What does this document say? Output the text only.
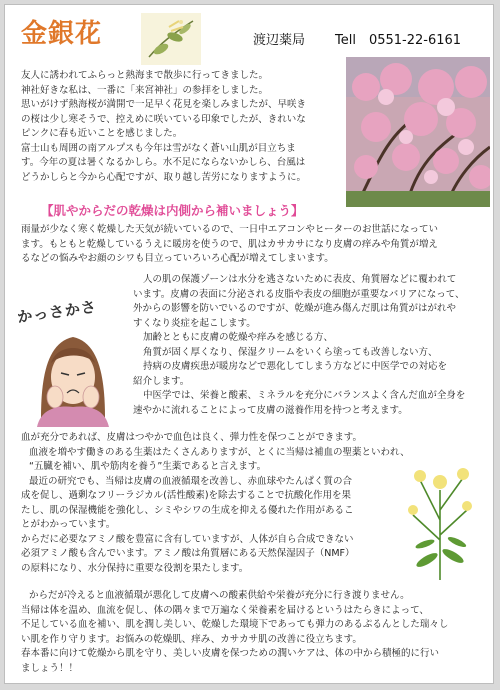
金銀花	渡辺薬局 Tell　0551-22-6161

友人に誘われてふらっと熱海まで散歩に行ってきました。

神社好きな私は、一番に「来宮神社」の参拝をしました。

思いがけず熱海桜が満開で一足早く花見を楽しみましたが、早咲き

の桜は少し寒そうで、控えめに咲いている印象でしたが、きれいな

ピンクに春も近いことを感じました。

富士山も周囲の南アルプスも今年は雪がなく蒼い山肌が目立ちま

す。今年の夏は暑くなるかしら。水不足にならないかしら、台風は

どうかしらと今から心配ですが、取り越し苦労になりますように。

【肌やからだの乾燥は内側から補いましょう】

雨量が少なく寒く乾燥した天気が続いているので、一日中エアコンやヒーターのお世話になってい

ます。もともと乾燥しているうえに暖房を使うので、肌はカサカサになり皮膚の痒みや角質が増え

るなどの悩みやお顔のシワも目立っていろいろ心配が増えてしまいます。

かっさかさ

人の肌の保護ゾーンは水分を逃さないために表皮、角質層などに覆われて

います。皮膚の表面に分泌される皮脂や表皮の細胞が重要なバリアになって、

外からの影響を防いでいるのですが、乾燥が進み傷んだ肌は角質がはがれや

すくなり炎症を起こします。

加齢とともに皮膚の乾燥や痒みを感じる方、

角質が固く厚くなり、保湿クリームをいくら塗っても改善しない方、

持病の皮膚疾患が暖房などで悪化してしまう方などに中医学での対応を

紹介します。

中医学では、栄養と酸素、ミネラルを充分にバランスよく含んだ血が全身を

速やかに流れることによって皮膚の滋養作用を持つと考えます。

血が充分であれば、皮膚はつやかで血色は良く、弾力性を保つことができます。

血液を増やす働きのある生薬はたくさんありますが、とくに当帰は補血の聖薬といわれ、

“五臓を補い、肌や筋肉を養う”生薬であると言えます。

最近の研究でも、当帰は皮膚の血液循環を改善し、赤血球やたんぱく質の合

成を促し、過剰なフリーラジカル(活性酸素)を除去することで抗酸化作用を果

たし、肌の保湿機能を強化し、シミやシワの生成を抑える優れた作用があるこ

とがわかっています。

からだに必要なアミノ酸を豊富に含有していますが、人体が自ら合成できない

必須アミノ酸も含んでいます。アミノ酸は角質層にある天然保湿因子（NMF）

の原料になり、水分保持に重要な役割を果たします。

からだが冷えると血液循環が悪化して皮膚への酸素供給や栄養が充分に行き渡りません。

当帰は体を温め、血流を促し、体の隅々まで万遍なく栄養素を届けるというはたらきによって、

不足している血を補い、肌を潤し美しい、乾燥した環境下であっても弾力のあるぷるんとした瑞々し

い肌を作り守ります。お悩みの乾燥肌、痒み、カサカサ肌の改善に役立ちます。

春本番に向けて乾燥から肌を守り、美しい皮膚を保つための潤いケアは、体の中から積極的に行い

ましょう！！
